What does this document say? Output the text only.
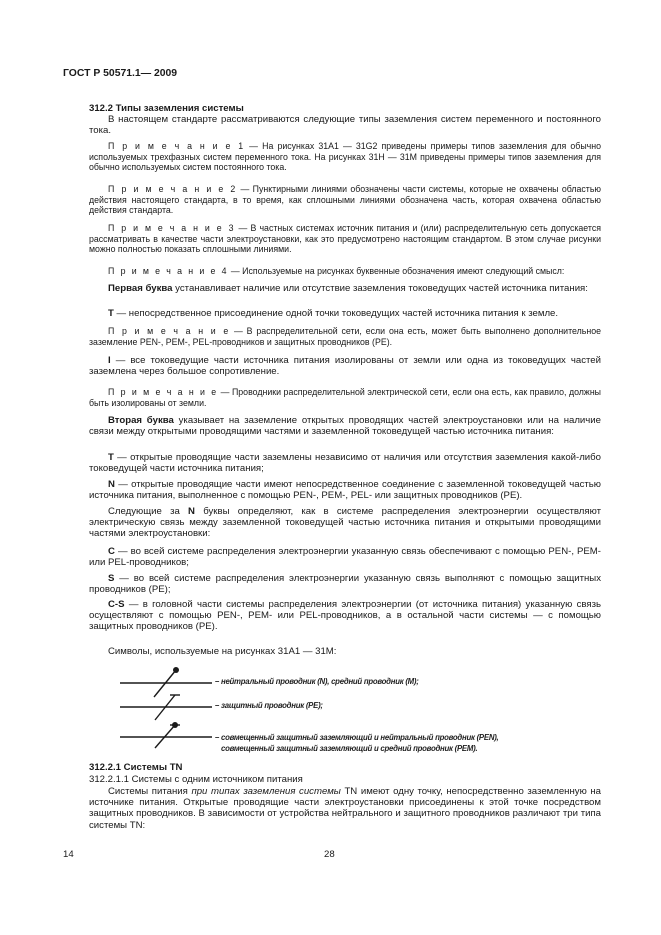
ГОСТ Р 50571.1— 2009
312.2 Типы заземления системы

В настоящем стандарте рассматриваются следующие типы заземления систем переменного и постоянного тока.

П р и м е ч а н и е 1 — На рисунках 31А1 — 31G2 приведены примеры типов заземления для обычно используемых трехфазных систем переменного тока. На рисунках 31Н — 31М приведены примеры типов заземления для обычно используемых систем постоянного тока.

П р и м е ч а н и е 2 — Пунктирными линиями обозначены части системы, которые не охвачены областью действия настоящего стандарта, в то время, как сплошными линиями обозначена часть, которая охвачена областью действия стандарта.

П р и м е ч а н и е 3 — В частных системах источник питания и (или) распределительную сеть допускается рассматривать в качестве части электроустановки, как это предусмотрено настоящим стандартом. В этом случае рисунки можно полностью показать сплошными линиями.

П р и м е ч а н и е 4 — Используемые на рисунках буквенные обозначения имеют следующий смысл:

Первая буква устанавливает наличие или отсутствие заземления токоведущих частей источника питания:

Т — непосредственное присоединение одной точки токоведущих частей источника питания к земле.

П р и м е ч а н и е — В распределительной сети, если она есть, может быть выполнено дополнительное заземление PEN-, PEM-, PEL-проводников и защитных проводников (PE).

I — все токоведущие части источника питания изолированы от земли или одна из токоведущих частей заземлена через большое сопротивление.

П р и м е ч а н и е — Проводники распределительной электрической сети, если она есть, как правило, должны быть изолированы от земли.

Вторая буква указывает на заземление открытых проводящих частей электроустановки или на наличие связи между открытыми проводящими частями и заземленной токоведущей частью источника питания:

Т — открытые проводящие части заземлены независимо от наличия или отсутствия заземления какой-либо токоведущей части источника питания;

N — открытые проводящие части имеют непосредственное соединение с заземленной токоведущей частью источника питания, выполненное с помощью PEN-, PEM-, PEL- или защитных проводников (PE).

Следующие за N буквы определяют, как в системе распределения электроэнергии осуществляют электрическую связь между заземленной токоведущей частью источника питания и открытыми проводящими частями электроустановки:

C — во всей системе распределения электроэнергии указанную связь обеспечивают с помощью PEN-, PEM- или PEL-проводников;

S — во всей системе распределения электроэнергии указанную связь выполняют с помощью защитных проводников (PE);

C-S — в головной части системы распределения электроэнергии (от источника питания) указанную связь осуществляют с помощью PEN-, PEM- или PEL-проводников, а в остальной части системы — с помощью защитных проводников (PE).

Символы, используемые на рисунках 31А1 — 31М:

– нейтральный проводник (N), средний проводник (M);
– защитный проводник (PE);
– совмещенный защитный заземляющий и нейтральный проводник (PEN),
совмещенный защитный заземляющий и средний проводник (PEM).
312.2.1 Системы TN
312.2.1.1 Системы с одним источником питания

Системы питания при типах заземления системы TN имеют одну точку, непосредственно заземленную на источнике питания. Открытые проводящие части электроустановки присоединены к этой точке посредством защитных проводников. В зависимости от устройства нейтрального и защитного проводников различают три типа системы TN:

14	28
